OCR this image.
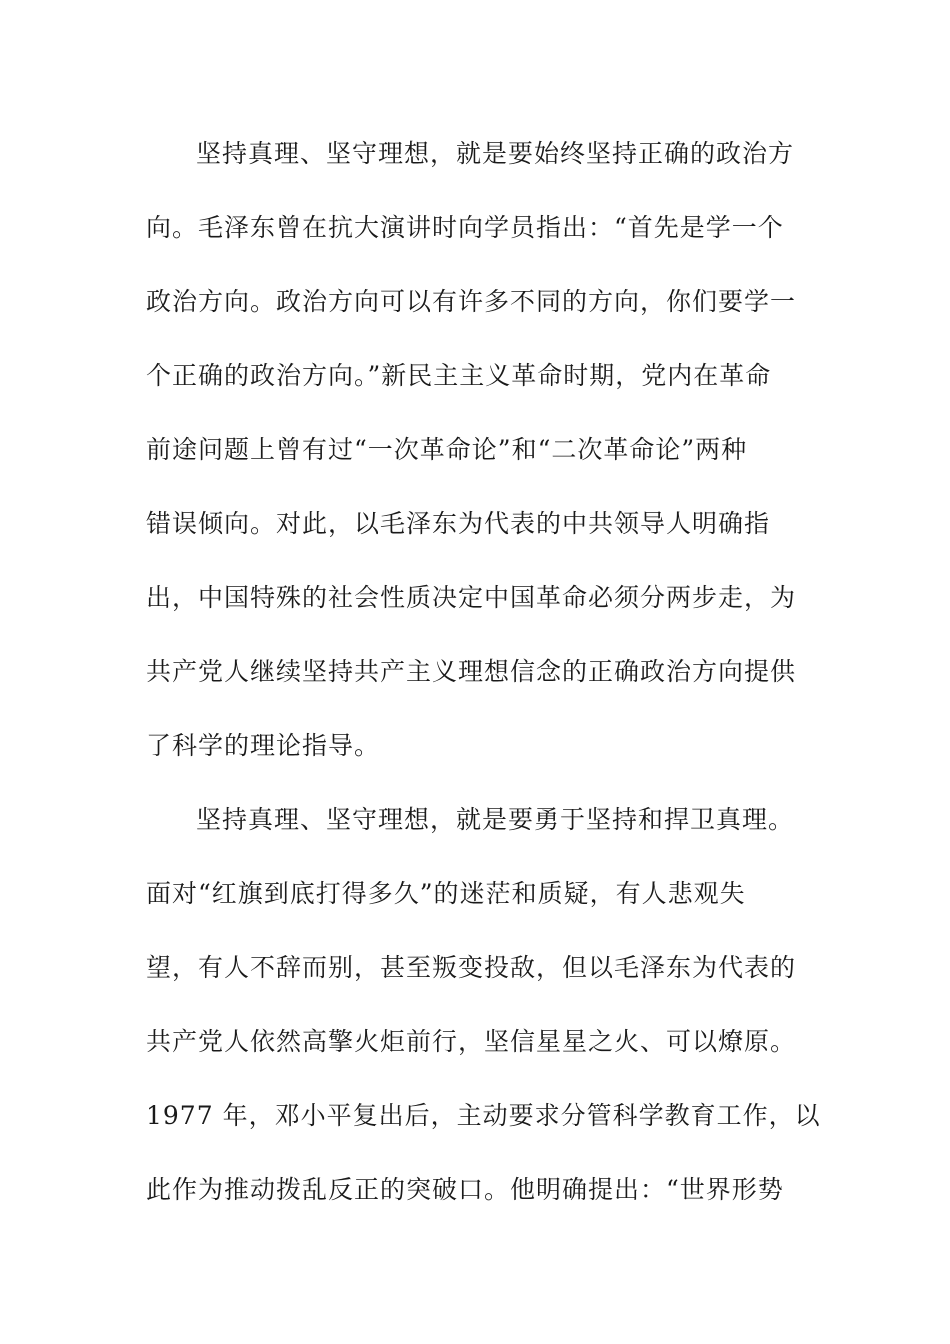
坚持真理、坚守理想，就是要始终坚持正确的政治方
向。毛泽东曾在抗大演讲时向学员指出：“首先是学一个
政治方向。政治方向可以有许多不同的方向，你们要学一
个正确的政治方向。”新民主主义革命时期，党内在革命
前途问题上曾有过“一次革命论”和“二次革命论”两种
错误倾向。对此，以毛泽东为代表的中共领导人明确指
出，中国特殊的社会性质决定中国革命必须分两步走，为
共产党人继续坚持共产主义理想信念的正确政治方向提供
了科学的理论指导。
坚持真理、坚守理想，就是要勇于坚持和捍卫真理。
面对“红旗到底打得多久”的迷茫和质疑，有人悲观失
望，有人不辞而别，甚至叛变投敌，但以毛泽东为代表的
共产党人依然高擎火炬前行，坚信星星之火、可以燎原。
1977 年，邓小平复出后，主动要求分管科学教育工作，以
此作为推动拨乱反正的突破口。他明确提出：“世界形势
